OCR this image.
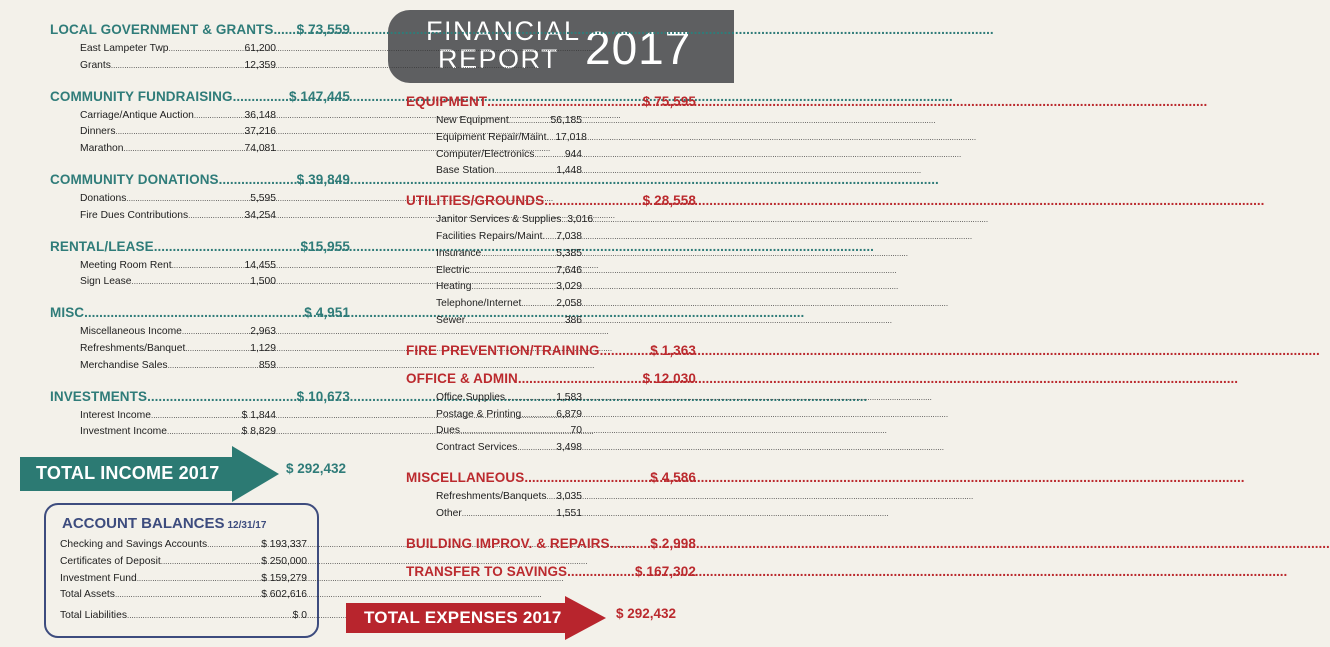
FINANCIAL
REPORT 2017
LOCAL GOVERNMENT & GRANTS ..... $ 73,559
East Lampeter Twp .....	61,200
Grants .....	12,359
COMMUNITY FUNDRAISING .....	$ 147,445
Carriage/Antique Auction .....	36,148
Dinners .....	37,216
Marathon .....	74,081
COMMUNITY DONATIONS .....	$ 39,849
Donations .....	5,595
Fire Dues Contributions .....	34,254
RENTAL/LEASE .....	$15,955
Meeting Room Rent .....	14,455
Sign Lease .....	1,500
MISC .....	$ 4,951
Miscellaneous Income .....	2,963
Refreshments/Banquet .....	1,129
Merchandise Sales .....	859
INVESTMENTS .....	$ 10,673
Interest Income .....	$ 1,844
Investment Income .....	$ 8,829
TOTAL INCOME 2017	$ 292,432
ACCOUNT BALANCES 12/31/17
Checking and Savings Accounts .....	$ 193,337
Certificates of Deposit .....	$ 250,000
Investment Fund .....	$ 159,279
Total Assets .....	$ 602,616
Total Liabilities .....	$ 0
EQUIPMENT .....	$ 75,595
New Equipment .....	56,185
Equipment Repair/Maint. ..... 17,018
Computer/Electronics .....	944
Base Station .....	1,448
UTILITIES/GROUNDS .....	$ 28,558
Janitor Services & Supplies ..... 3,016
Facilities Repairs/Maint. ..... 7,038
Insurance .....	5,385
Electric .....	7,646
Heating .....	3,029
Telephone/Internet .....	2,058
Sewer .....	386
FIRE PREVENTION/TRAINING .....	$ 1,363
OFFICE & ADMIN .....	$ 12.030
Office Supplies .....	1,583
Postage & Printing .....	6,879
Dues .....	70
Contract Services .....	3,498
MISCELLANEOUS .....	$ 4,586
Refreshments/Banquets ..... 3,035
Other .....	1,551
BUILDING IMPROV. & REPAIRS .....	$ 2,998
TRANSFER TO SAVINGS .....	$ 167,302
TOTAL EXPENSES 2017	$ 292,432
